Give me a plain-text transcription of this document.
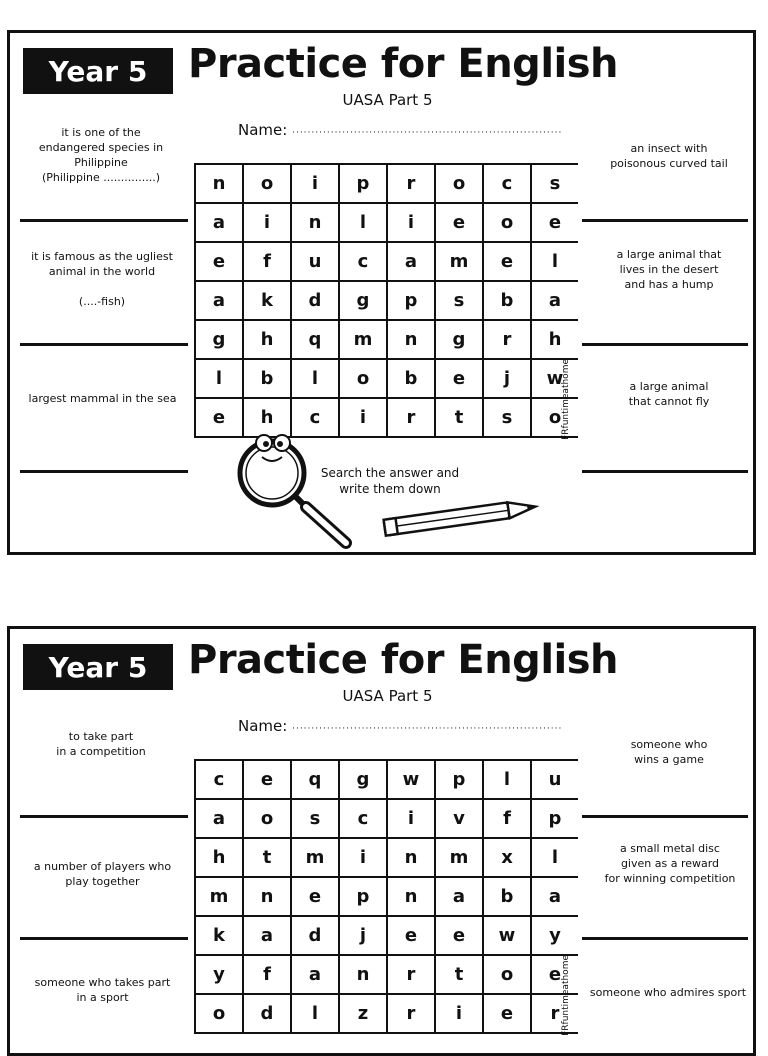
Year 5 Practice for English
UASA Part 5
Name: ......................................................................
it is one of the
endangered species in
Philippine
(Philippine ...............)
it is famous as the ugliest
animal in the world

(....-fish)
largest mammal in the sea
an insect with
poisonous curved tail
a large animal that
lives in the desert
and has a hump
a large animal
that cannot fly
n	o	i	p	r	o	c	s
a	i	n	l	i	e	o	e
e	f	u	c	a	m	e	l
a	k	d	g	p	s	b	a
g	h	q	m	n	g	r	h
l	b	l	o	b	e	j	w
e	h	c	i	r	t	s	o FRfuntimeathome
Search the answer and
write them down
Year 5 Practice for English
UASA Part 5
Name: ......................................................................
to take part
in a competition
a number of players who
play together
someone who takes part
in a sport
someone who
wins a game
a small metal disc
given as a reward
for winning competition
someone who admires sport
c	e	q	g	w	p	l	u
a	o	s	c	i	v	f	p
h	t	m	i	n	m	x	l
m	n	e	p	n	a	b	a
k	a	d	j	e	e	w	y
y	f	a	n	r	t	o	e
o	d	l	z	r	i	e	r FRfuntimeathome
